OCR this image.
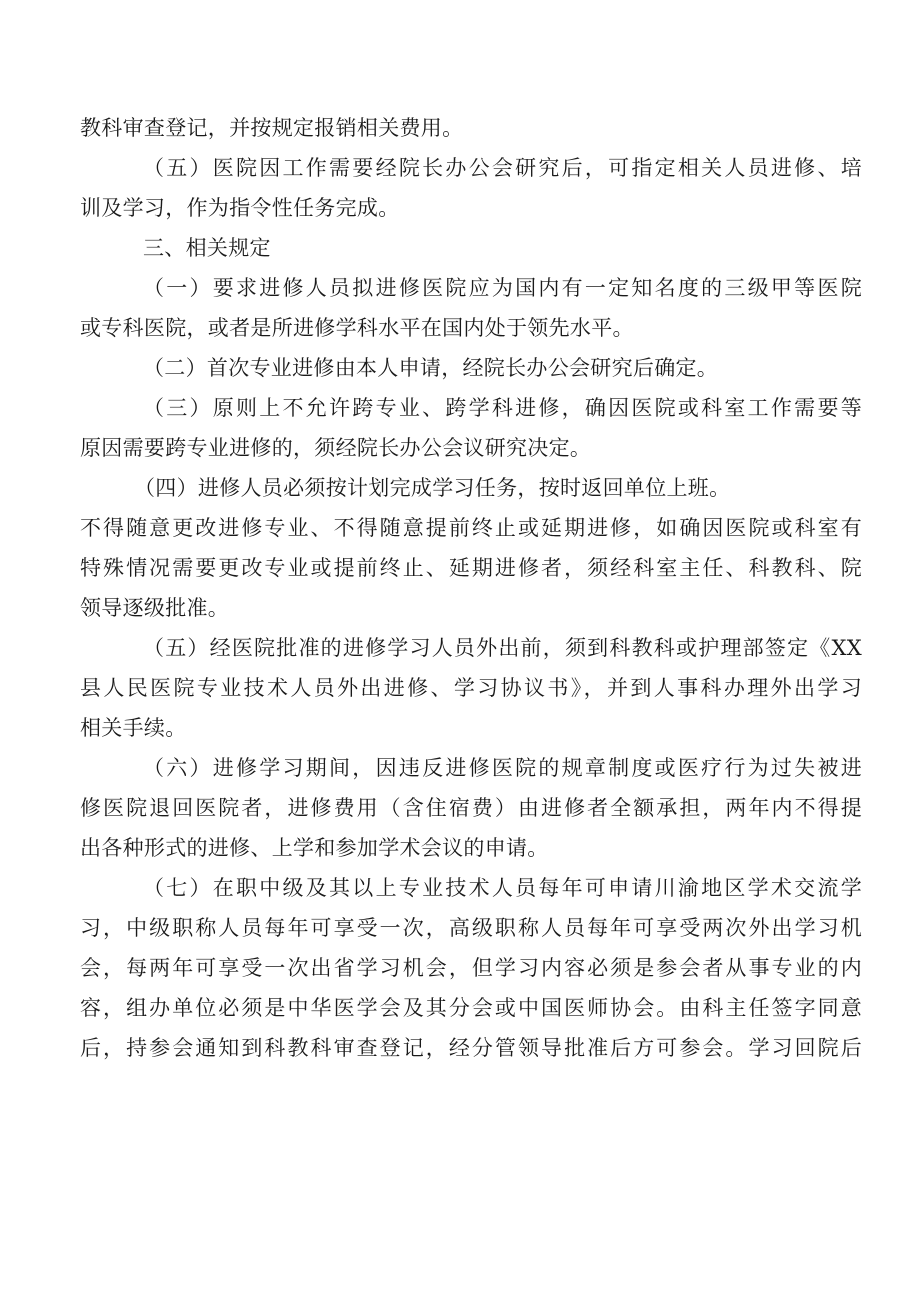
教科审查登记，并按规定报销相关费用。
（五）医院因工作需要经院长办公会研究后，可指定相关人员进修、培
训及学习，作为指令性任务完成。
三、相关规定
（一）要求进修人员拟进修医院应为国内有一定知名度的三级甲等医院
或专科医院，或者是所进修学科水平在国内处于领先水平。
（二）首次专业进修由本人申请，经院长办公会研究后确定。
（三）原则上不允许跨专业、跨学科进修，确因医院或科室工作需要等
原因需要跨专业进修的，须经院长办公会议研究决定。
（四）进修人员必须按计划完成学习任务，按时返回单位上班。
不得随意更改进修专业、不得随意提前终止或延期进修，如确因医院或科室有
特殊情况需要更改专业或提前终止、延期进修者，须经科室主任、科教科、院
领导逐级批准。
（五）经医院批准的进修学习人员外出前，须到科教科或护理部签定《XX
县人民医院专业技术人员外出进修、学习协议书》，并到人事科办理外出学习
相关手续。
（六）进修学习期间，因违反进修医院的规章制度或医疗行为过失被进
修医院退回医院者，进修费用（含住宿费）由进修者全额承担，两年内不得提
出各种形式的进修、上学和参加学术会议的申请。
（七）在职中级及其以上专业技术人员每年可申请川渝地区学术交流学
习，中级职称人员每年可享受一次，高级职称人员每年可享受两次外出学习机
会，每两年可享受一次出省学习机会，但学习内容必须是参会者从事专业的内
容，组办单位必须是中华医学会及其分会或中国医师协会。由科主任签字同意
后，持参会通知到科教科审查登记，经分管领导批准后方可参会。学习回院后
